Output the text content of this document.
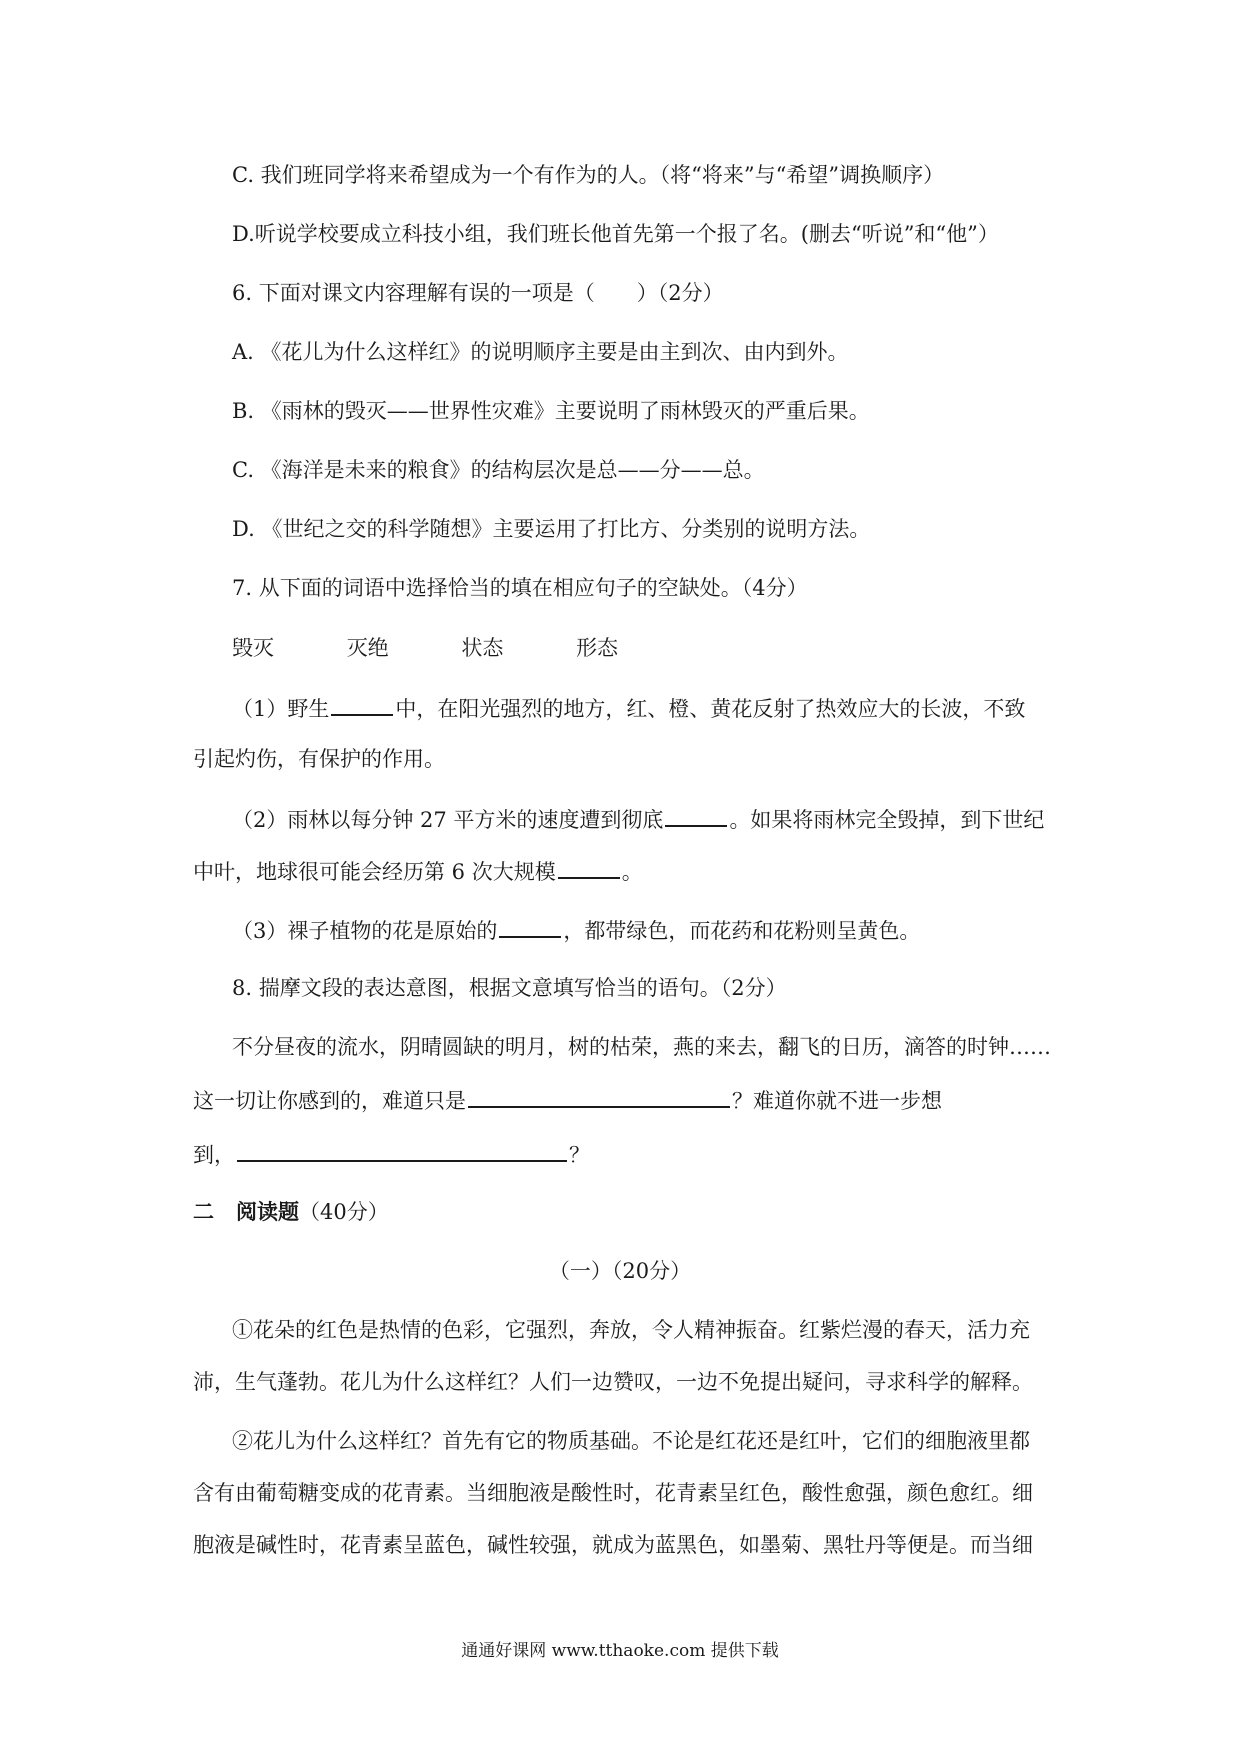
C. 我们班同学将来希望成为一个有作为的人。（将“将来”与“希望”调换顺序）
D.听说学校要成立科技小组，我们班长他首先第一个报了名。(删去“听说”和“他”）
6. 下面对课文内容理解有误的一项是（　　）（2分）
A. 《花儿为什么这样红》的说明顺序主要是由主到次、由内到外。
B. 《雨林的毁灭——世界性灾难》主要说明了雨林毁灭的严重后果。
C. 《海洋是未来的粮食》的结构层次是总——分——总。
D. 《世纪之交的科学随想》主要运用了打比方、分类别的说明方法。
7. 从下面的词语中选择恰当的填在相应句子的空缺处。（4分）
毁灭	灭绝	状态	形态
（1）野生	中，在阳光强烈的地方，红、橙、黄花反射了热效应大的长波，不致
引起灼伤，有保护的作用。
（2）雨林以每分钟 27 平方米的速度遭到彻底	。如果将雨林完全毁掉，到下世纪
中叶，地球很可能会经历第 6 次大规模	。
（3）裸子植物的花是原始的	，都带绿色，而花药和花粉则呈黄色。
8. 揣摩文段的表达意图，根据文意填写恰当的语句。（2分）
不分昼夜的流水，阴晴圆缺的明月，树的枯荣，燕的来去，翻飞的日历，滴答的时钟……
这一切让你感到的，难道只是	？难道你就不进一步想
到，	？
二 阅读题（40分）
（一）（20分）
①花朵的红色是热情的色彩，它强烈，奔放，令人精神振奋。红紫烂漫的春天，活力充
沛，生气蓬勃。花儿为什么这样红？人们一边赞叹，一边不免提出疑问，寻求科学的解释。
②花儿为什么这样红？首先有它的物质基础。不论是红花还是红叶，它们的细胞液里都
含有由葡萄糖变成的花青素。当细胞液是酸性时，花青素呈红色，酸性愈强，颜色愈红。细
胞液是碱性时，花青素呈蓝色，碱性较强，就成为蓝黑色，如墨菊、黑牡丹等便是。而当细
通通好课网 www.tthaoke.com 提供下载
